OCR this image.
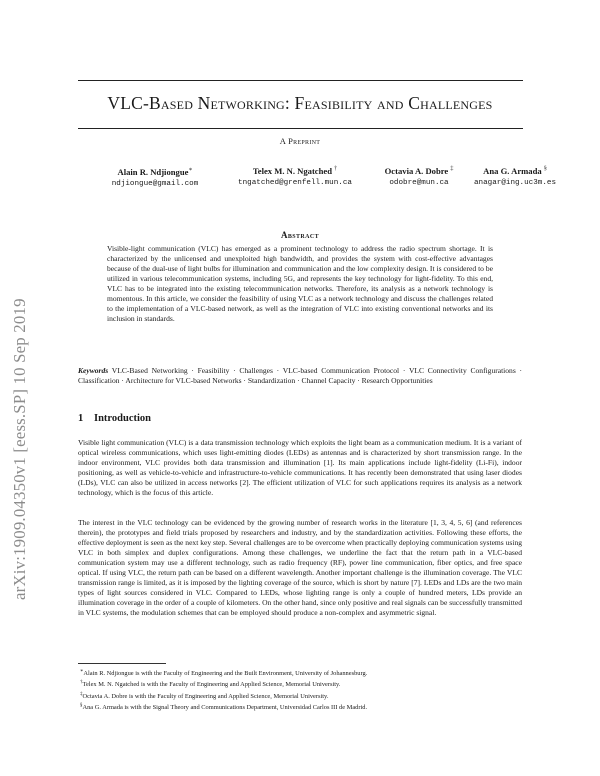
VLC-Based Networking: Feasibility and Challenges
A Preprint
arXiv:1909.04350v1 [eess.SP] 10 Sep 2019
Alain R. Ndjiongue∗
ndjiongue@gmail.com
Telex M. N. Ngatched †
tngatched@grenfell.mun.ca
Octavia A. Dobre ‡
odobre@mun.ca
Ana G. Armada §
anagar@ing.uc3m.es
Abstract
Visible-light communication (VLC) has emerged as a prominent technology to address the radio spectrum shortage. It is characterized by the unlicensed and unexploited high bandwidth, and provides the system with cost-effective advantages because of the dual-use of light bulbs for illumination and communication and the low complexity design. It is considered to be utilized in various telecommunication systems, including 5G, and represents the key technology for light-fidelity. To this end, VLC has to be integrated into the existing telecommunication networks. Therefore, its analysis as a network technology is momentous. In this article, we consider the feasibility of using VLC as a network technology and discuss the challenges related to the implementation of a VLC-based network, as well as the integration of VLC into existing conventional networks and its inclusion in standards.
Keywords VLC-Based Networking · Feasibility · Challenges · VLC-based Communication Protocol · VLC Connectivity Configurations · Classification · Architecture for VLC-based Networks · Standardization · Channel Capacity · Research Opportunities
1 Introduction
Visible light communication (VLC) is a data transmission technology which exploits the light beam as a communication medium. It is a variant of optical wireless communications, which uses light-emitting diodes (LEDs) as antennas and is characterized by short transmission range. In the indoor environment, VLC provides both data transmission and illumination [1]. Its main applications include light-fidelity (Li-Fi), indoor positioning, as well as vehicle-to-vehicle and infrastructure-to-vehicle communications. It has recently been demonstrated that using laser diodes (LDs), VLC can also be utilized in access networks [2]. The efficient utilization of VLC for such applications requires its analysis as a network technology, which is the focus of this article.
The interest in the VLC technology can be evidenced by the growing number of research works in the literature [1, 3, 4, 5, 6] (and references therein), the prototypes and field trials proposed by researchers and industry, and by the standardization activities. Following these efforts, the effective deployment is seen as the next key step. Several challenges are to be overcome when practically deploying communication systems using VLC in both simplex and duplex configurations. Among these challenges, we underline the fact that the return path in a VLC-based communication system may use a different technology, such as radio frequency (RF), power line communication, fiber optics, and free space optical. If using VLC, the return path can be based on a different wavelength. Another important challenge is the illumination coverage. The VLC transmission range is limited, as it is imposed by the lighting coverage of the source, which is short by nature [7]. LEDs and LDs are the two main types of light sources considered in VLC. Compared to LEDs, whose lighting range is only a couple of hundred meters, LDs provide an illumination coverage in the order of a couple of kilometers. On the other hand, since only positive and real signals can be successfully transmitted in VLC systems, the modulation schemes that can be employed should produce a non-complex and asymmetric signal.
∗Alain R. Ndjiongue is with the Faculty of Engineering and the Built Environment, University of Johannesburg.
†Telex M. N. Ngatched is with the Faculty of Engineering and Applied Science, Memorial University.
‡Octavia A. Dobre is with the Faculty of Engineering and Applied Science, Memorial University.
§Ana G. Armada is with the Signal Theory and Communications Department, Universidad Carlos III de Madrid.
